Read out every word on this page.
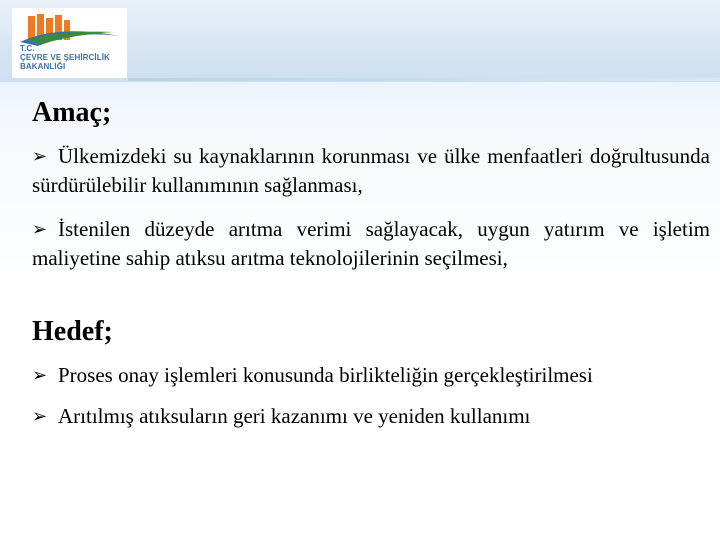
T.C.
ÇEVRE VE ŞEHİRCİLİK
BAKANLIĞI
Amaç;
➢ Ülkemizdeki su kaynaklarının korunması ve ülke menfaatleri doğrultusunda sürdürülebilir kullanımının sağlanması,
➢ İstenilen düzeyde arıtma verimi sağlayacak, uygun yatırım ve işletim maliyetine sahip atıksu arıtma teknolojilerinin seçilmesi,
Hedef;
➢ Proses onay işlemleri konusunda birlikteliğin gerçekleştirilmesi
➢ Arıtılmış atıksuların geri kazanımı ve yeniden kullanımı
